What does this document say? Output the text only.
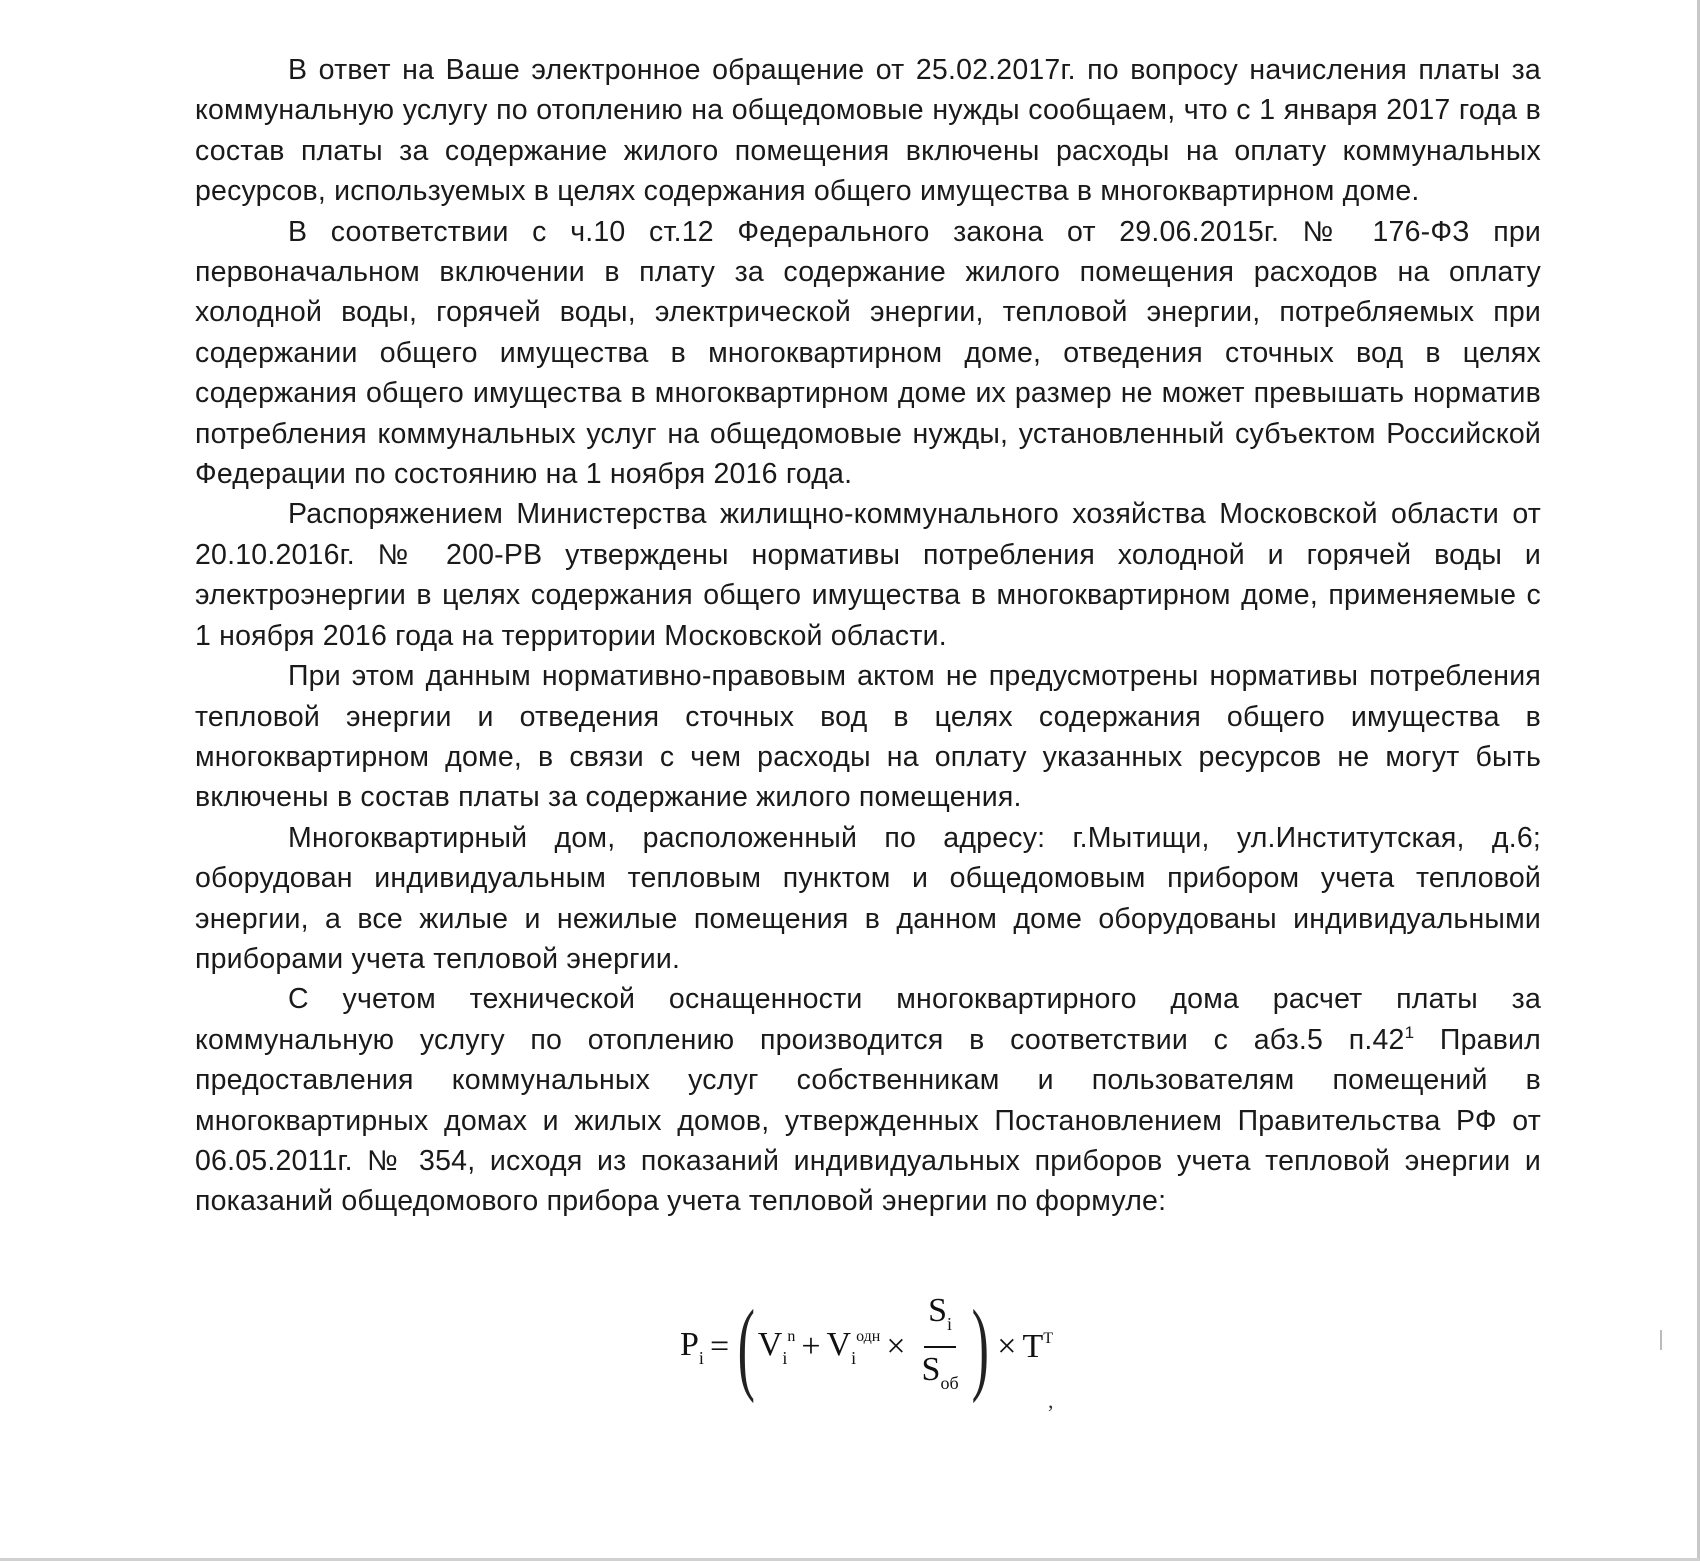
В ответ на Ваше электронное обращение от 25.02.2017г. по вопросу начисления платы за коммунальную услугу по отоплению на общедомовые нужды сообщаем, что с 1 января 2017 года в состав платы за содержание жилого помещения включены расходы на оплату коммунальных ресурсов, используемых в целях содержания общего имущества в многоквартирном доме.

В соответствии с ч.10 ст.12 Федерального закона от 29.06.2015г. № 176-ФЗ при первоначальном включении в плату за содержание жилого помещения расходов на оплату холодной воды, горячей воды, электрической энергии, тепловой энергии, потребляемых при содержании общего имущества в многоквартирном доме, отведения сточных вод в целях содержания общего имущества в многоквартирном доме их размер не может превышать норматив потребления коммунальных услуг на общедомовые нужды, установленный субъектом Российской Федерации по состоянию на 1 ноября 2016 года.

Распоряжением Министерства жилищно-коммунального хозяйства Московской области от 20.10.2016г. № 200-РВ утверждены нормативы потребления холодной и горячей воды и электроэнергии в целях содержания общего имущества в многоквартирном доме, применяемые с 1 ноября 2016 года на территории Московской области.

При этом данным нормативно-правовым актом не предусмотрены нормативы потребления тепловой энергии и отведения сточных вод в целях содержания общего имущества в многоквартирном доме, в связи с чем расходы на оплату указанных ресурсов не могут быть включены в состав платы за содержание жилого помещения.

Многоквартирный дом, расположенный по адресу: г.Мытищи, ул.Институтская, д.6; оборудован индивидуальным тепловым пунктом и общедомовым прибором учета тепловой энергии, а все жилые и нежилые помещения в данном доме оборудованы индивидуальными приборами учета тепловой энергии.

С учетом технической оснащенности многоквартирного дома расчет платы за коммунальную услугу по отоплению производится в соответствии с абз.5 $п.42^1$ Правил предоставления коммунальных услуг собственникам и пользователям помещений в многоквартирных домах и жилых домов, утвержденных Постановлением Правительства РФ от 06.05.2011г. № 354, исходя из показаний индивидуальных приборов учета тепловой энергии и показаний общедомового прибора учета тепловой энергии по формуле:

$P_i$ = ( $V_i^n + V_i^{одн} \times \frac{S_i}{S_{об}}$ ) × $T^T$
,
